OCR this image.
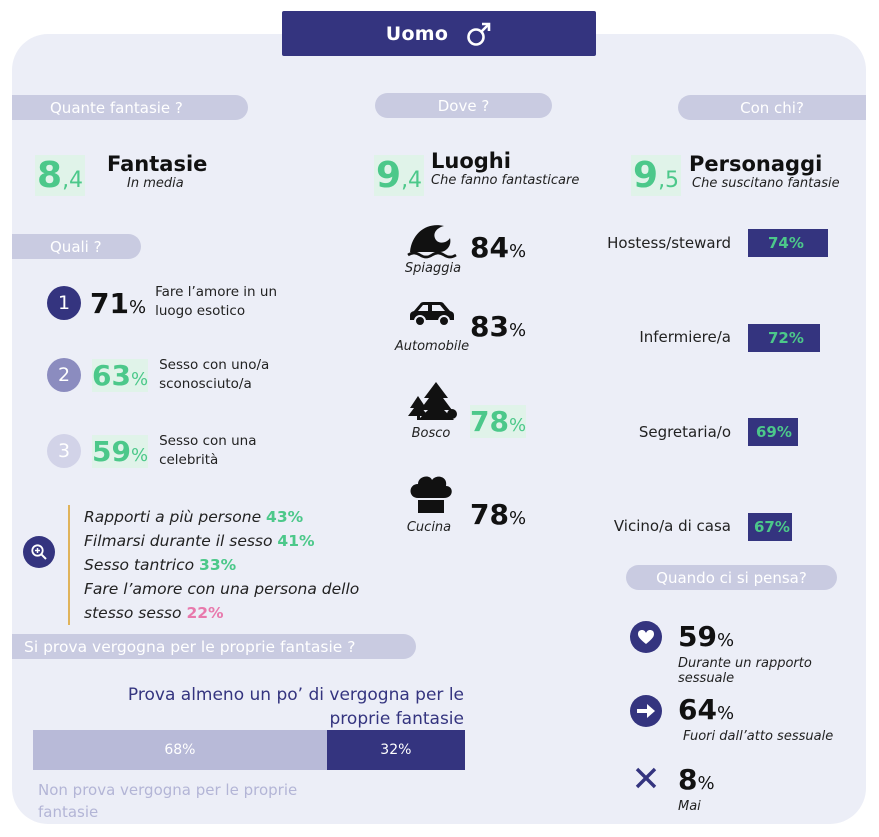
Uomo
Quante fantasie ?	Dove ?	Con chi?
Quali ?
Quando ci si pensa?
Si prova vergogna per le proprie fantasie ?
8,4
Fantasie
In media	9,4
Luoghi
Che fanno fantasticare 9,5
Personaggi
Che suscitano fantasie
1 71%
Fare l’amore in un
luogo esotico
2 63%
Sesso con uno/a
sconosciuto/a
3 59%
Sesso con una
celebrità
Rapporti a più persone 43%
Filmarsi durante il sesso 41%
Sesso tantrico 33%
Fare l’amore con una persona dello
stesso sesso 22%
Spiaggia
84%
Automobile
83%
Bosco 78%
Cucina 78%
Hostess/steward	74%
Infermiere/a	72%
Segretaria/o	69%
Vicino/a di casa	67%
59%
Durante un rapporto
sessuale
64%
Fuori dall’atto sessuale
8%
Mai
Prova almeno un po’ di vergogna per le
proprie fantasie
68%	32%
Non prova vergogna per le proprie
fantasie
